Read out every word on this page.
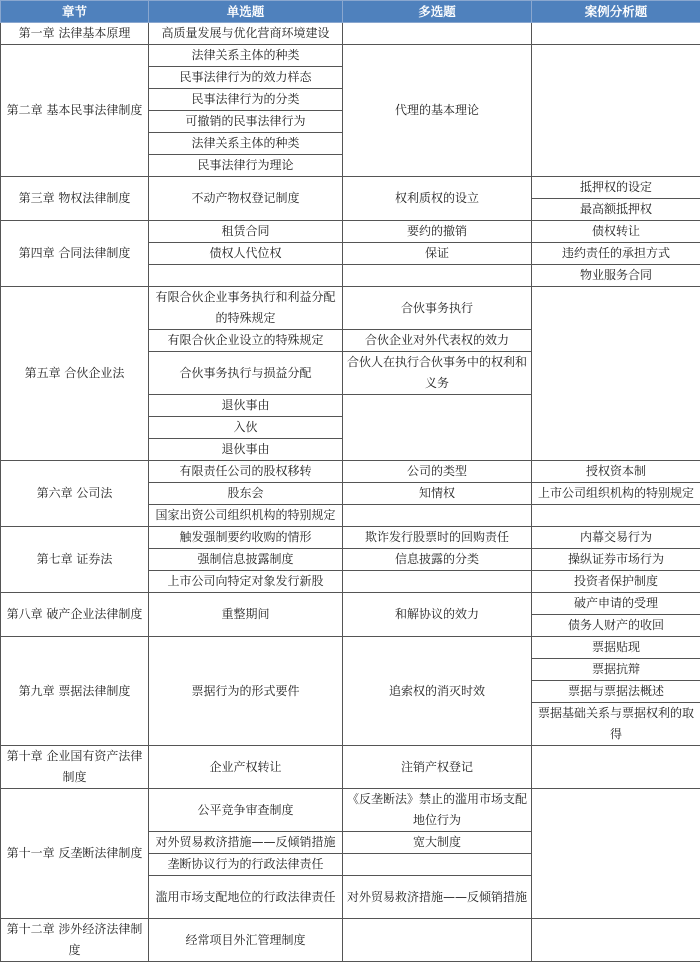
章节	单选题	多选题	案例分析题
第一章 法律基本原理	高质量发展与优化营商环境建设		
第二章 基本民事法律制度	法律关系主体的种类	代理的基本理论	
	民事法律行为的效力样态		
	民事法律行为的分类		
	可撤销的民事法律行为		
	法律关系主体的种类		
	民事法律行为理论		
第三章 物权法律制度	不动产物权登记制度	权利质权的设立	抵押权的设定
			最高额抵押权
第四章 合同法律制度	租赁合同	要约的撤销	债权转让
	债权人代位权	保证	违约责任的承担方式
			物业服务合同
第五章 合伙企业法	有限合伙企业事务执行和利益分配的特殊规定	合伙事务执行	

	有限合伙企业设立的特殊规定	合伙企业对外代表权的效力	
	合伙事务执行与损益分配	合伙人在执行合伙事务中的权利和义务	

	退伙事由		
	入伙		
	退伙事由		
第六章 公司法	有限责任公司的股权移转	公司的类型	授权资本制
	股东会	知情权	上市公司组织机构的特别规定
	国家出资公司组织机构的特别规定		
第七章 证券法	触发强制要约收购的情形	欺诈发行股票时的回购责任	内幕交易行为
	强制信息披露制度	信息披露的分类	操纵证券市场行为
	上市公司向特定对象发行新股		投资者保护制度
第八章 破产企业法律制度	重整期间	和解协议的效力	破产申请的受理
			债务人财产的收回
第九章 票据法律制度	票据行为的形式要件	追索权的消灭时效	票据贴现
			票据抗辩
			票据与票据法概述
			票据基础关系与票据权利的取得

第十章 企业国有资产法律制度	企业产权转让	注销产权登记	

第十一章 反垄断法律制度	公平竞争审查制度	《反垄断法》禁止的滥用市场支配地位行为	

	对外贸易救济措施——反倾销措施	宽大制度	
	垄断协议行为的行政法律责任		
	滥用市场支配地位的行政法律责任	对外贸易救济措施——反倾销措施	

第十二章 涉外经济法律制度	经常项目外汇管理制度		
